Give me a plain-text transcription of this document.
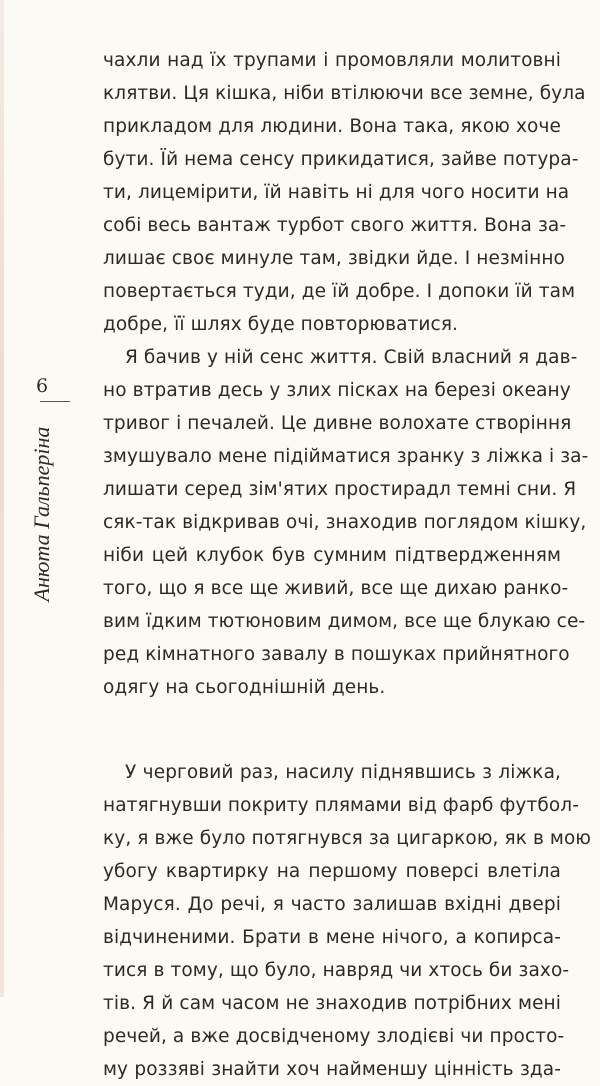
6
Анюта Гальперіна
чахли над їх трупами і промовляли молитовні
клятви. Ця кішка, ніби втілюючи все земне, була
прикладом для людини. Вона така, якою хоче
бути. Їй нема сенсу прикидатися, зайве потура-
ти, лицемірити, їй навіть ні для чого носити на
собі весь вантаж турбот свого життя. Вона за-
лишає своє минуле там, звідки йде. І незмінно
повертається туди, де їй добре. І допоки їй там
добре, її шлях буде повторюватися.
Я бачив у ній сенс життя. Свій власний я дав-
но втратив десь у злих пісках на березі океану
тривог і печалей. Це дивне волохате створіння
змушувало мене підійматися зранку з ліжка і за-
лишати серед зім'ятих простирадл темні сни. Я
сяк-так відкривав очі, знаходив поглядом кішку,
ніби цей клубок був сумним підтвердженням
того, що я все ще живий, все ще дихаю ранко-
вим їдким тютюновим димом, все ще блукаю се-
ред кімнатного завалу в пошуках прийнятного
одягу на сьогоднішній день.
У черговий раз, насилу піднявшись з ліжка,
натягнувши покриту плямами від фарб футбол-
ку, я вже було потягнувся за цигаркою, як в мою
убогу квартирку на першому поверсі влетіла
Маруся. До речі, я часто залишав вхідні двері
відчиненими. Брати в мене нічого, а копирса-
тися в тому, що було, навряд чи хтось би захо-
тів. Я й сам часом не знаходив потрібних мені
речей, а вже досвідченому злодієві чи просто-
му роззяві знайти хоч найменшу цінність зда-
